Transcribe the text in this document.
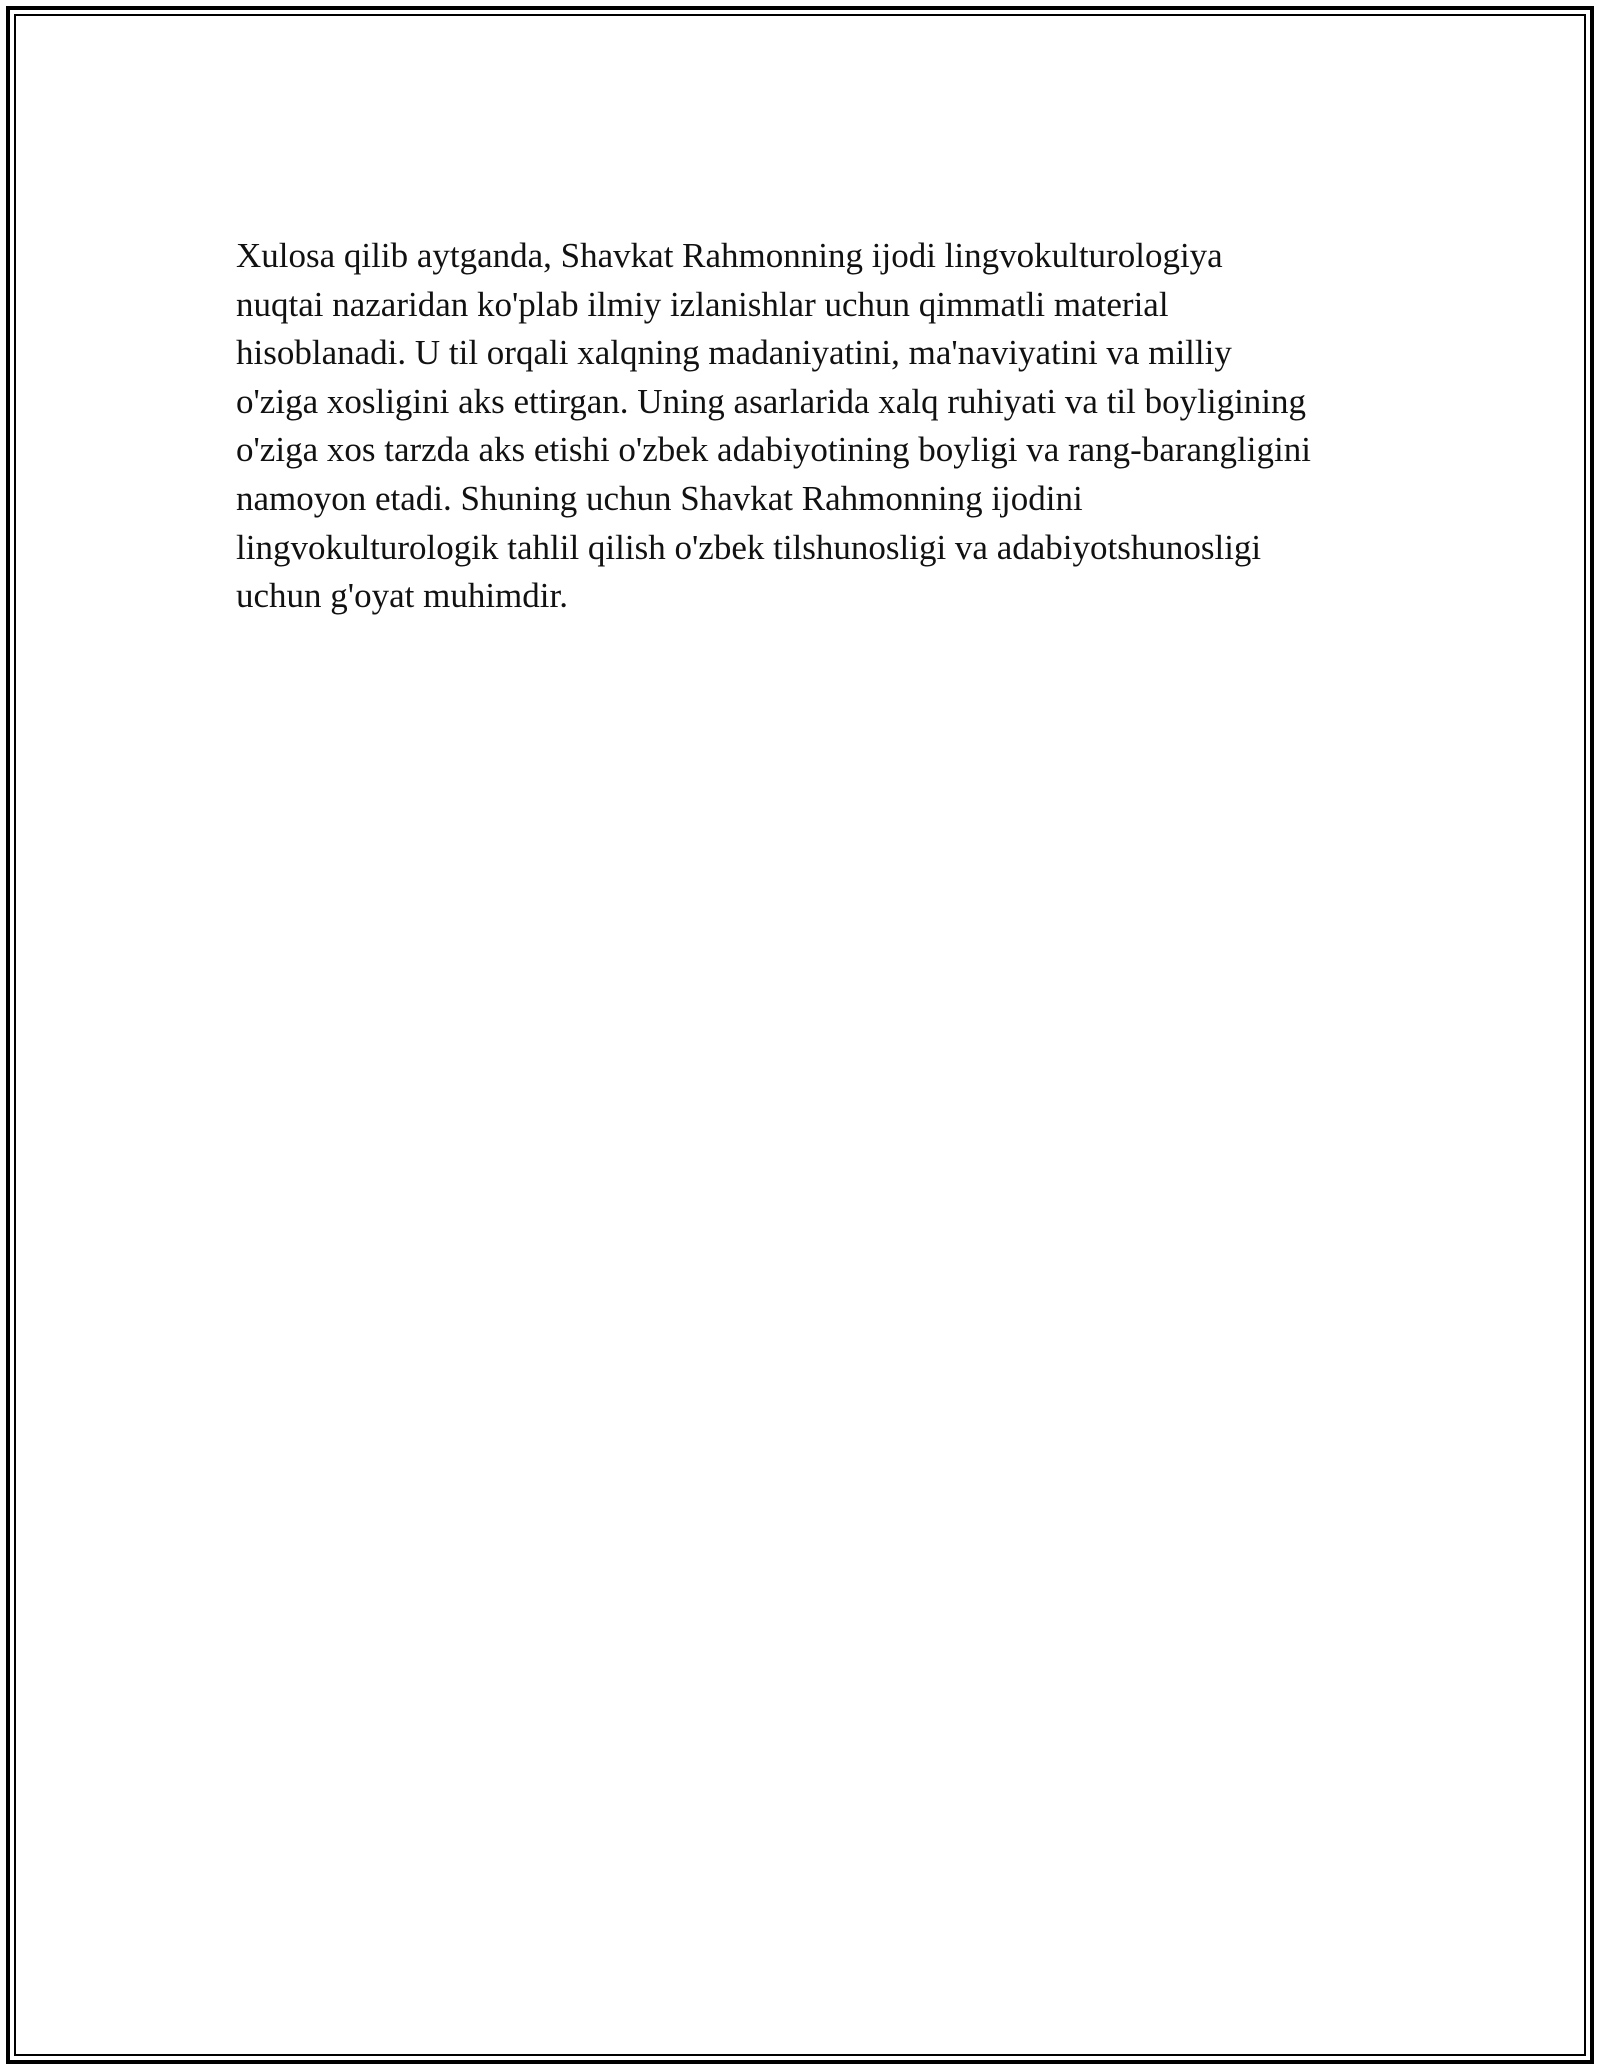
Xulosa qilib aytganda, Shavkat Rahmonning ijodi lingvokulturologiya
nuqtai nazaridan ko'plab ilmiy izlanishlar uchun qimmatli material
hisoblanadi. U til orqali xalqning madaniyatini, ma'naviyatini va milliy
o'ziga xosligini aks ettirgan. Uning asarlarida xalq ruhiyati va til boyligining
o'ziga xos tarzda aks etishi o'zbek adabiyotining boyligi va rang-barangligini
namoyon etadi. Shuning uchun Shavkat Rahmonning ijodini
lingvokulturologik tahlil qilish o'zbek tilshunosligi va adabiyotshunosligi
uchun g'oyat muhimdir.
